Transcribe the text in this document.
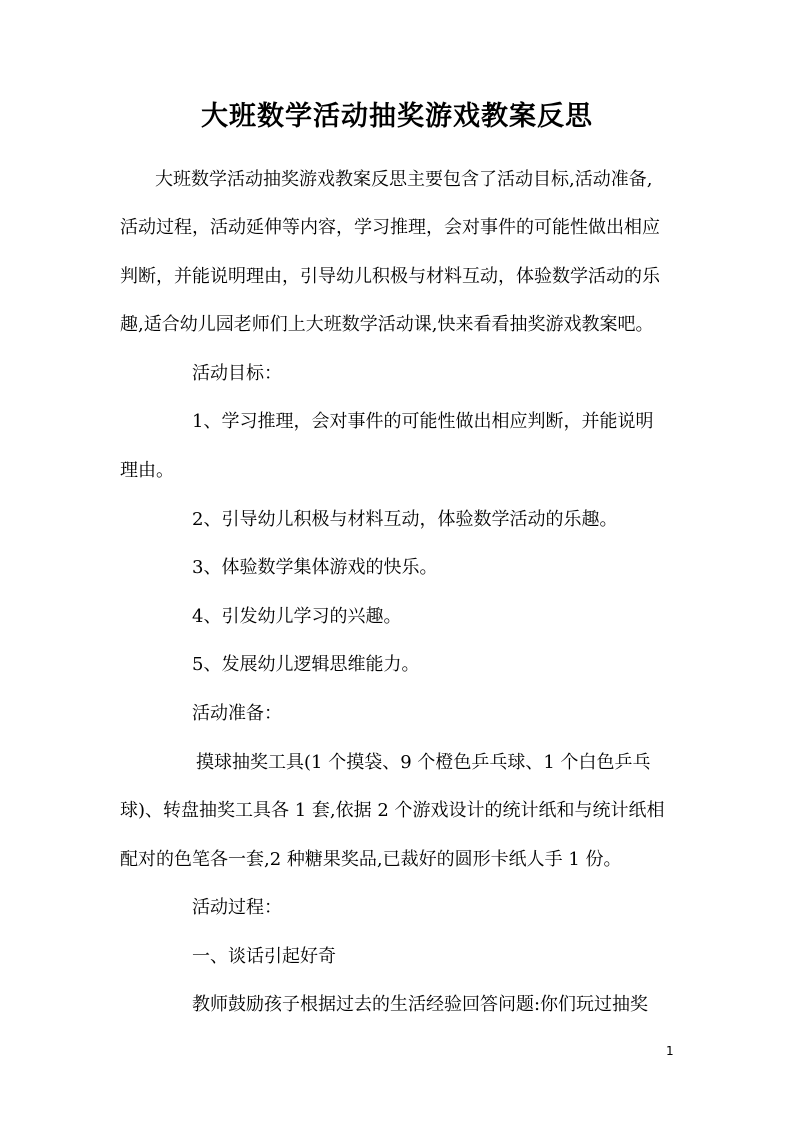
大班数学活动抽奖游戏教案反思
大班数学活动抽奖游戏教案反思主要包含了活动目标,活动准备,
活动过程，活动延伸等内容，学习推理，会对事件的可能性做出相应
判断，并能说明理由，引导幼儿积极与材料互动，体验数学活动的乐
趣,适合幼儿园老师们上大班数学活动课,快来看看抽奖游戏教案吧。
活动目标：
1、学习推理，会对事件的可能性做出相应判断，并能说明
理由。
2、引导幼儿积极与材料互动，体验数学活动的乐趣。
3、体验数学集体游戏的快乐。
4、引发幼儿学习的兴趣。
5、发展幼儿逻辑思维能力。
活动准备：
摸球抽奖工具(1 个摸袋、9 个橙色乒乓球、1 个白色乒乓
球)、转盘抽奖工具各 1 套,依据 2 个游戏设计的统计纸和与统计纸相
配对的色笔各一套,2 种糖果奖品,已裁好的圆形卡纸人手 1 份。
活动过程：
一、谈话引起好奇
教师鼓励孩子根据过去的生活经验回答问题:你们玩过抽奖
1
